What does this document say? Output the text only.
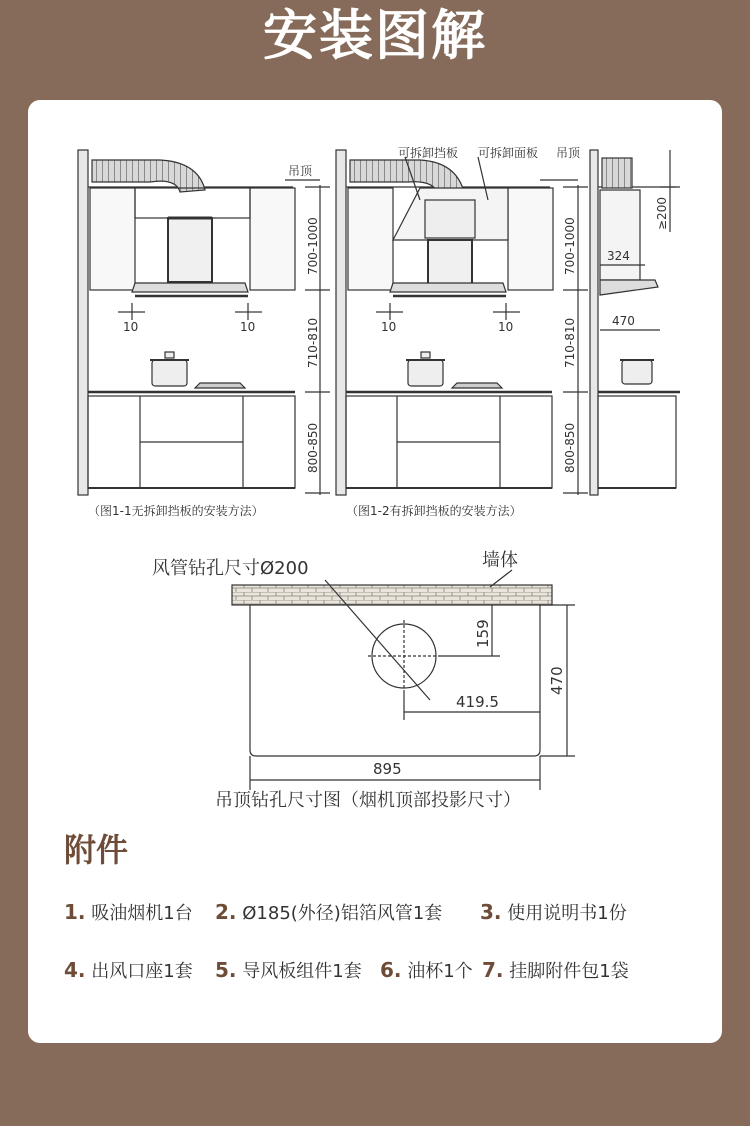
安装图解
吊顶
可拆卸挡板 可拆卸面板 吊顶
700-1000
710-810
800-850
700-1000
710-810
800-850
10	10	10	10
≥200
324
470
（图1-1无拆卸挡板的安装方法）	（图1-2有拆卸挡板的安装方法）
风管钻孔尺寸Ø200	墙体
159
470
419.5
895
吊顶钻孔尺寸图（烟机顶部投影尺寸）
附件
1. 吸油烟机1台 2. Ø185(外径)铝箔风管1套 3. 使用说明书1份
4. 出风口座1套 5. 导风板组件1套 6. 油杯1个 7. 挂脚附件包1袋
